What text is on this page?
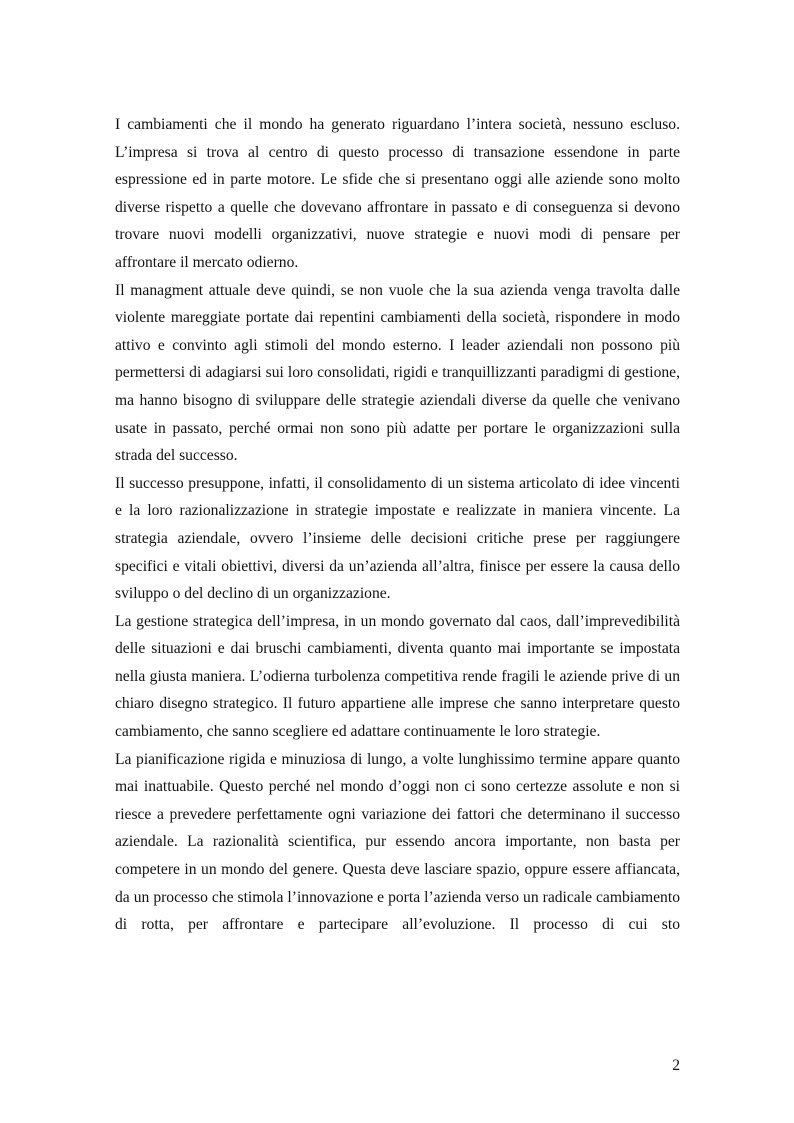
I cambiamenti che il mondo ha generato riguardano l’intera società, nessuno escluso. L’impresa si trova al centro di questo processo di transazione essendone in parte espressione ed in parte motore. Le sfide che si presentano oggi alle aziende sono molto diverse rispetto a quelle che dovevano affrontare in passato e di conseguenza si devono trovare nuovi modelli organizzativi, nuove strategie e nuovi modi di pensare per affrontare il mercato odierno.

Il managment attuale deve quindi, se non vuole che la sua azienda venga travolta dalle violente mareggiate portate dai repentini cambiamenti della società, rispondere in modo attivo e convinto agli stimoli del mondo esterno. I leader aziendali non possono più permettersi di adagiarsi sui loro consolidati, rigidi e tranquillizzanti paradigmi di gestione, ma hanno bisogno di sviluppare delle strategie aziendali diverse da quelle che venivano usate in passato, perché ormai non sono più adatte per portare le organizzazioni sulla strada del successo.

Il successo presuppone, infatti, il consolidamento di un sistema articolato di idee vincenti e la loro razionalizzazione in strategie impostate e realizzate in maniera vincente. La strategia aziendale, ovvero l’insieme delle decisioni critiche prese per raggiungere specifici e vitali obiettivi, diversi da un’azienda all’altra, finisce per essere la causa dello sviluppo o del declino di un organizzazione.

La gestione strategica dell’impresa, in un mondo governato dal caos, dall’imprevedibilità delle situazioni e dai bruschi cambiamenti, diventa quanto mai importante se impostata nella giusta maniera. L’odierna turbolenza competitiva rende fragili le aziende prive di un chiaro disegno strategico. Il futuro appartiene alle imprese che sanno interpretare questo cambiamento, che sanno scegliere ed adattare continuamente le loro strategie.

La pianificazione rigida e minuziosa di lungo, a volte lunghissimo termine appare quanto mai inattuabile. Questo perché nel mondo d’oggi non ci sono certezze assolute e non si riesce a prevedere perfettamente ogni variazione dei fattori che determinano il successo aziendale. La razionalità scientifica, pur essendo ancora importante, non basta per competere in un mondo del genere. Questa deve lasciare spazio, oppure essere affiancata, da un processo che stimola l’innovazione e porta l’azienda verso un radicale cambiamento di rotta, per affrontare e partecipare all’evoluzione. Il processo di cui sto

2
